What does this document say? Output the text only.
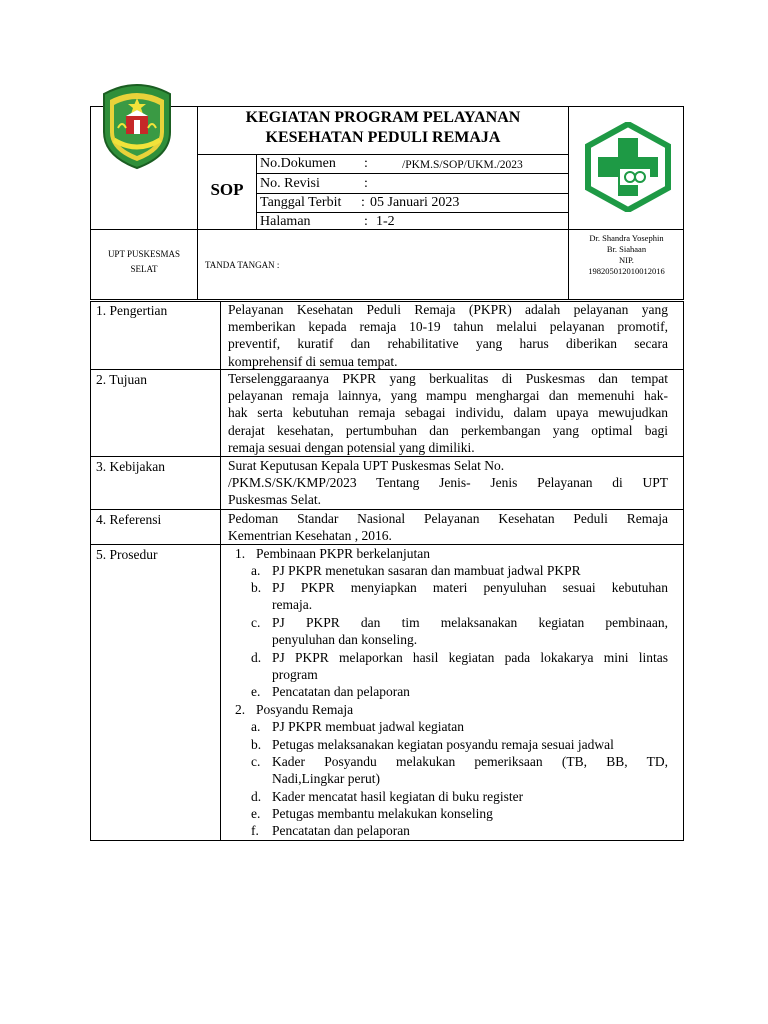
KEGIATAN PROGRAM PELAYANAN
KESEHATAN PEDULI REMAJA
SOP
No.Dokumen :	/PKM.S/SOP/UKM./2023
No. Revisi	:
Tanggal Terbit : 05 Januari 2023
Halaman	: 1-2
UPT PUSKESMAS
SELAT	TANDA TANGAN :
Dr. Shandra Yosephin
Br. Siahaan
NIP.
198205012010012016
1. Pengertian	Pelayanan Kesehatan Peduli Remaja (PKPR) adalah pelayanan yang
memberikan kepada remaja 10-19 tahun melalui pelayanan promotif,
preventif, kuratif dan rehabilitative yang harus diberikan secara
komprehensif di semua tempat.
2. Tujuan	Terselenggaraanya PKPR yang berkualitas di Puskesmas dan tempat
pelayanan remaja lainnya, yang mampu menghargai dan memenuhi hak-
hak serta kebutuhan remaja sebagai individu, dalam upaya mewujudkan
derajat kesehatan, pertumbuhan dan perkembangan yang optimal bagi
remaja sesuai dengan potensial yang dimiliki.
3. Kebijakan	Surat Keputusan Kepala UPT Puskesmas Selat No.
/PKM.S/SK/KMP/2023 Tentang Jenis- Jenis Pelayanan di UPT
Puskesmas Selat.
4. Referensi	Pedoman Standar Nasional Pelayanan Kesehatan Peduli Remaja
Kementrian Kesehatan , 2016.
5. Prosedur	1. Pembinaan PKPR berkelanjutan
a. PJ PKPR menetukan sasaran dan mambuat jadwal PKPR
b. PJ PKPR menyiapkan materi penyuluhan sesuai kebutuhan
remaja.
c. PJ PKPR dan tim melaksanakan kegiatan pembinaan,
penyuluhan dan konseling.
d. PJ PKPR melaporkan hasil kegiatan pada lokakarya mini lintas
program
e. Pencatatan dan pelaporan
2. Posyandu Remaja
a. PJ PKPR membuat jadwal kegiatan
b. Petugas melaksanakan kegiatan posyandu remaja sesuai jadwal
c. Kader Posyandu melakukan pemeriksaan (TB, BB, TD,
Nadi,Lingkar perut)
d. Kader mencatat hasil kegiatan di buku register
e. Petugas membantu melakukan konseling
f. Pencatatan dan pelaporan
